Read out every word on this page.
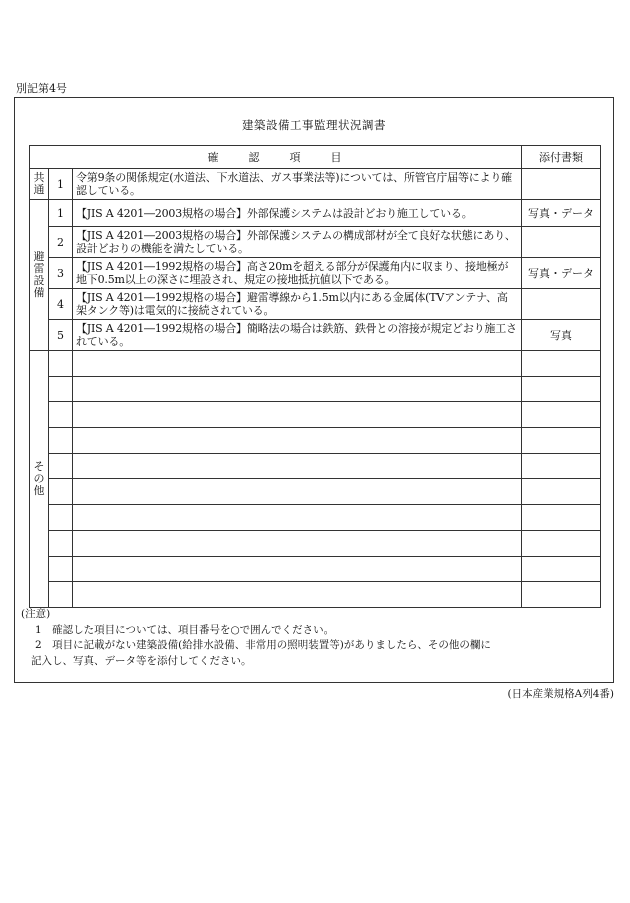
別記第4号
建築設備工事監理状況調書
確 認 項 目			添付書類

共
通	1	令第9条の関係規定(水道法、下水道法、ガス事業法等)については、所管官庁届等により確認している。	

避
雷
設
備	1	【JIS A 4201―2003規格の場合】外部保護システムは設計どおり施工している。	写真・データ
	2	【JIS A 4201―2003規格の場合】外部保護システムの構成部材が全て良好な状態にあり、設計どおりの機能を満たしている。	
	3	【JIS A 4201―1992規格の場合】高さ20mを超える部分が保護角内に収まり、接地極が地下0.5m以上の深さに埋設され、規定の接地抵抗値以下である。	写真・データ
	4	【JIS A 4201―1992規格の場合】避雷導線から1.5m以内にある金属体(TVアンテナ、高架タンク等)は電気的に接続されている。	
	5	【JIS A 4201―1992規格の場合】簡略法の場合は鉄筋、鉄骨との溶接が規定どおり施工されている。	写真

そ
の
他			

(注意)
1　確認した項目については、項目番号を○で囲んでください。
2　項目に記載がない建築設備(給排水設備、非常用の照明装置等)がありましたら、その他の欄に
記入し、写真、データ等を添付してください。
(日本産業規格A列4番)
